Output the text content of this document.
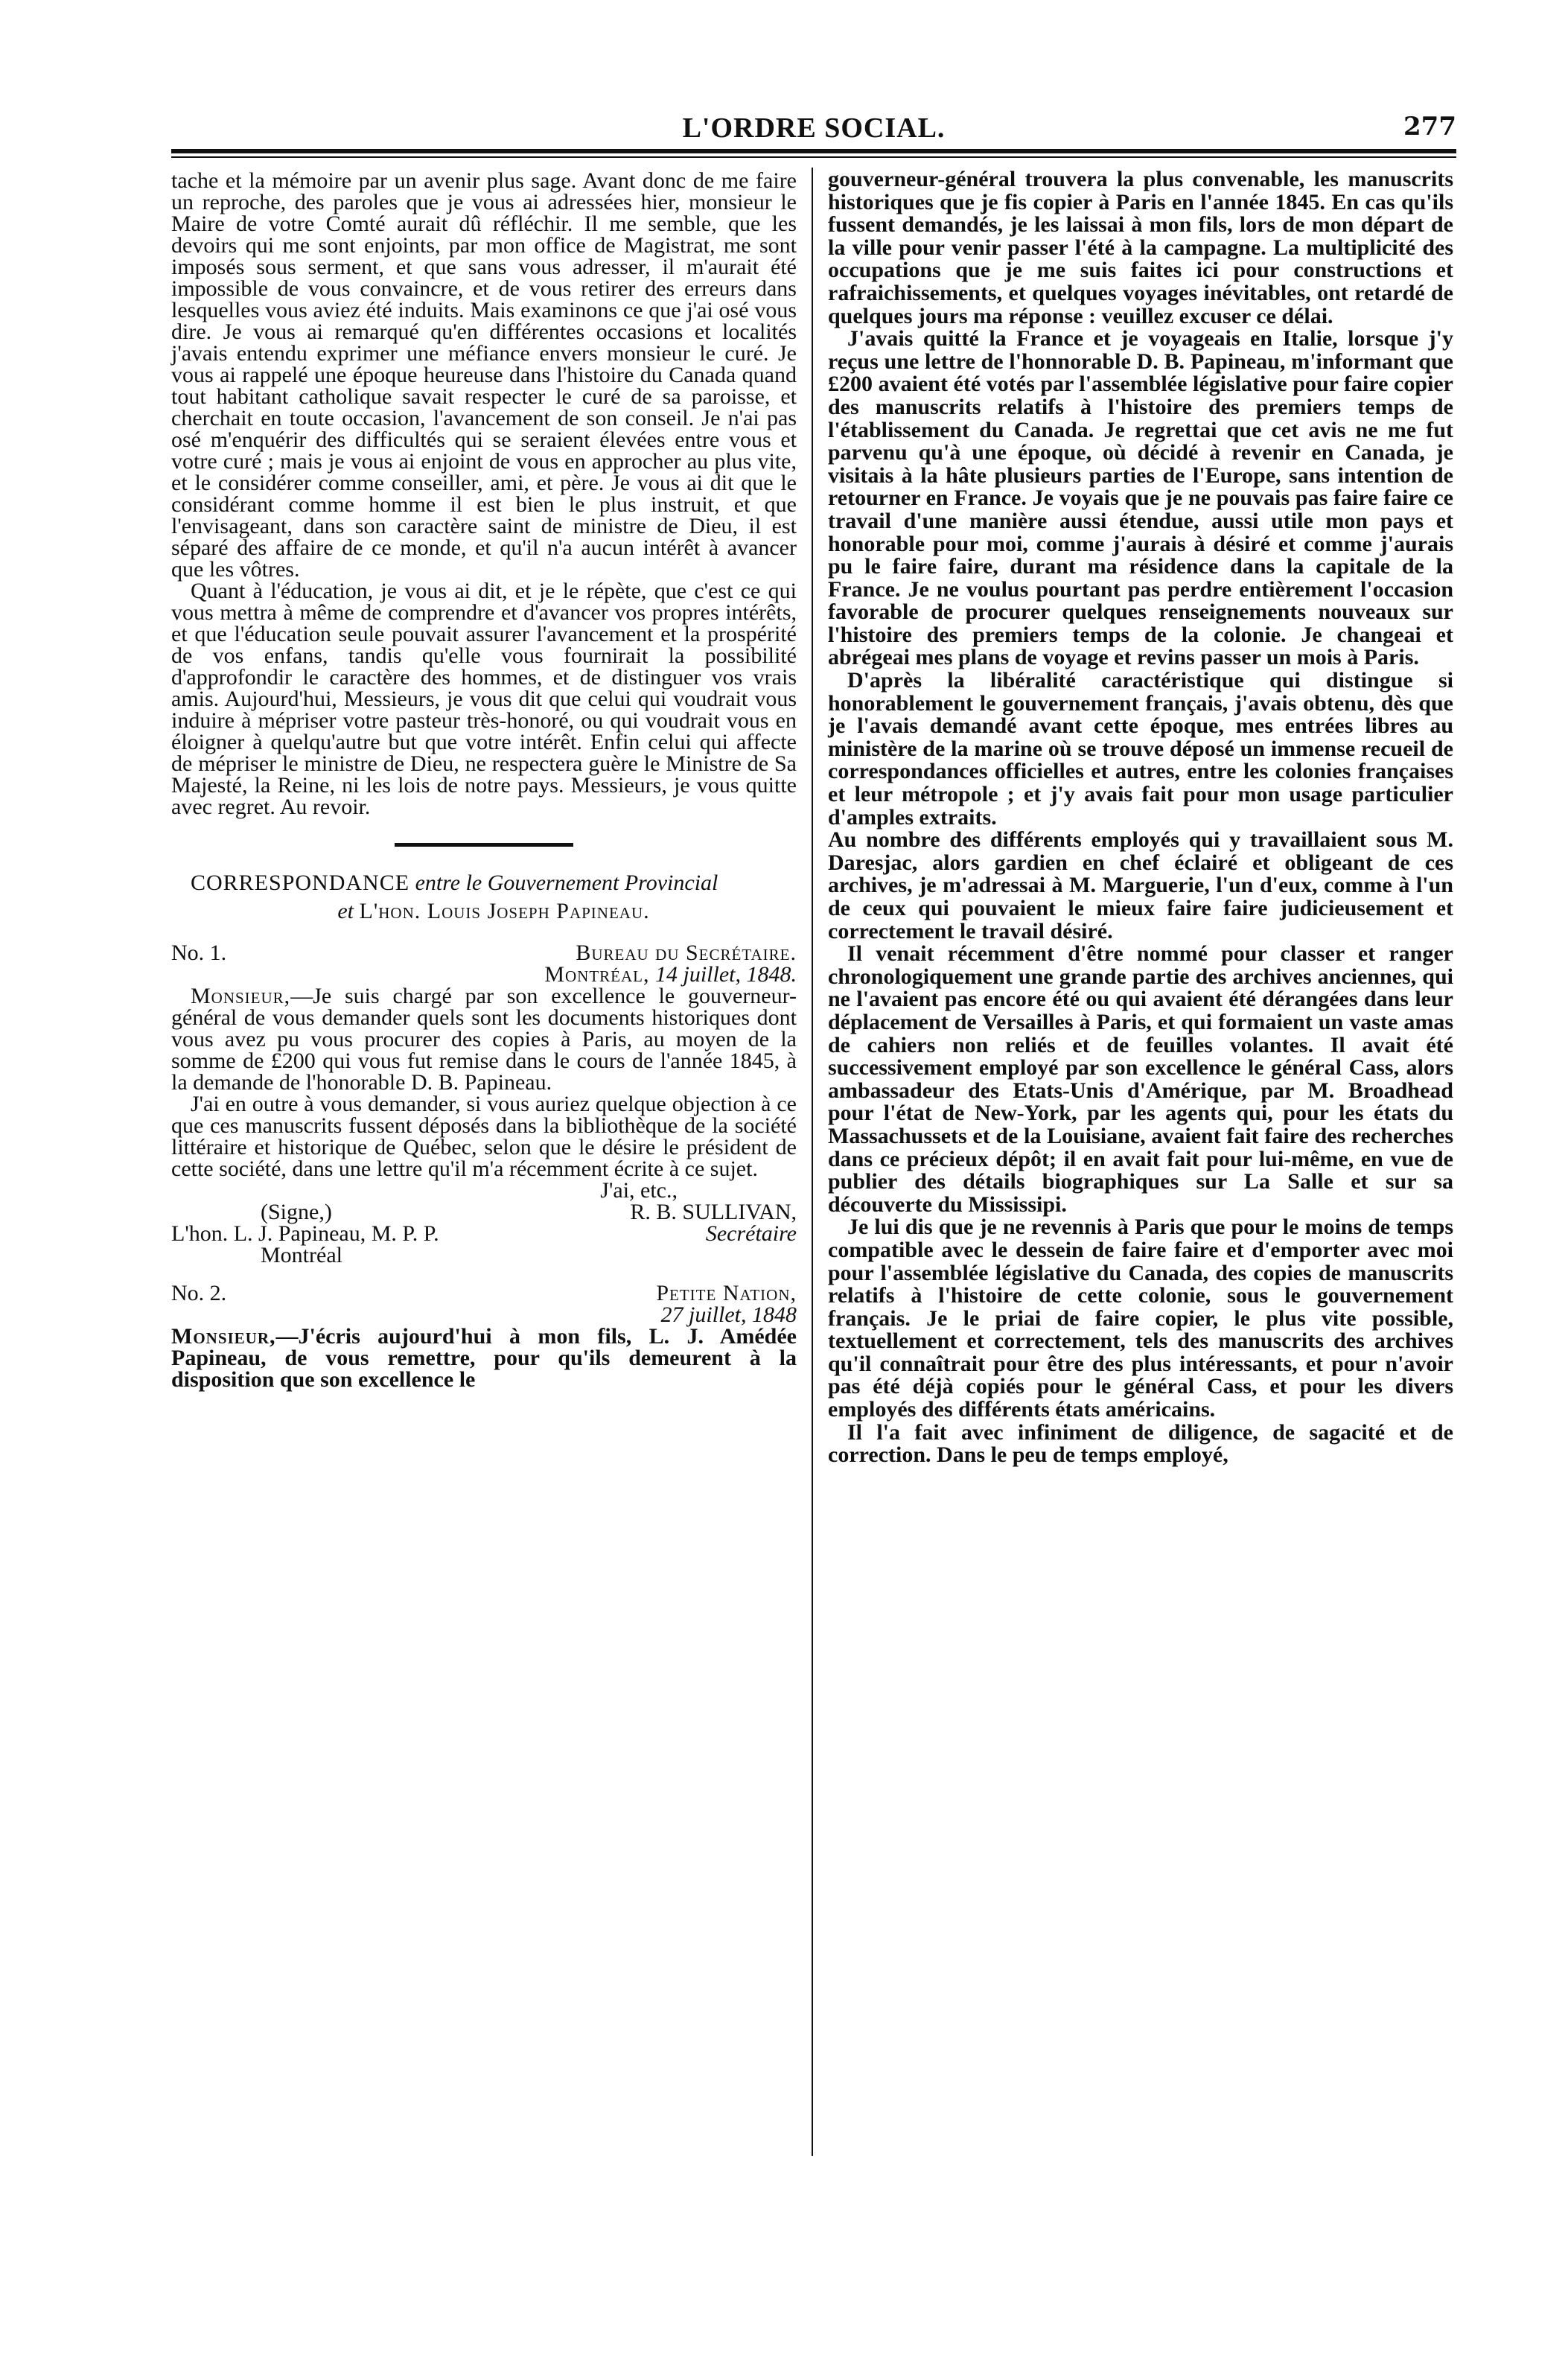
L'ORDRE SOCIAL.	277

tache et la mémoire par un avenir plus sage. Avant donc de me faire un reproche, des paroles que je vous ai adressées hier, monsieur le Maire de votre Comté aurait dû réfléchir. Il me semble, que les devoirs qui me sont enjoints, par mon office de Magistrat, me sont imposés sous serment, et que sans vous adresser, il m'aurait été impossible de vous convaincre, et de vous retirer des erreurs dans lesquelles vous aviez été induits. Mais examinons ce que j'ai osé vous dire. Je vous ai remarqué qu'en différentes occasions et localités j'avais entendu exprimer une méfiance envers monsieur le curé. Je vous ai rappelé une époque heureuse dans l'histoire du Canada quand tout habitant catholique savait respecter le curé de sa paroisse, et cherchait en toute occasion, l'avancement de son conseil. Je n'ai pas osé m'enquérir des difficultés qui se seraient élevées entre vous et votre curé ; mais je vous ai enjoint de vous en approcher au plus vite, et le considérer comme conseiller, ami, et père. Je vous ai dit que le considérant comme homme il est bien le plus instruit, et que l'envisageant, dans son caractère saint de ministre de Dieu, il est séparé des affaire de ce monde, et qu'il n'a aucun intérêt à avancer que les vôtres.

Quant à l'éducation, je vous ai dit, et je le répète, que c'est ce qui vous mettra à même de comprendre et d'avancer vos propres intérêts, et que l'éducation seule pouvait assurer l'avancement et la prospérité de vos enfans, tandis qu'elle vous fournirait la possibilité d'approfondir le caractère des hommes, et de distinguer vos vrais amis. Aujourd'hui, Messieurs, je vous dit que celui qui voudrait vous induire à mépriser votre pasteur très-honoré, ou qui voudrait vous en éloigner à quelqu'autre but que votre intérêt. Enfin celui qui affecte de mépriser le ministre de Dieu, ne respectera guère le Ministre de Sa Majesté, la Reine, ni les lois de notre pays. Messieurs, je vous quitte avec regret. Au revoir.

CORRESPONDANCE entre le Gouvernement Provincial

et L'hon. Louis Joseph Papineau.

No. 1.	Bureau du Secrétaire.
Montréal, 14 juillet, 1848.

Monsieur,—Je suis chargé par son excellence le gouverneur-général de vous demander quels sont les documents historiques dont vous avez pu vous procurer des copies à Paris, au moyen de la somme de £200 qui vous fut remise dans le cours de l'année 1845, à la demande de l'honorable D. B. Papineau.

J'ai en outre à vous demander, si vous auriez quelque objection à ce que ces manuscrits fussent déposés dans la bibliothèque de la société littéraire et historique de Québec, selon que le désire le président de cette société, dans une lettre qu'il m'a récemment écrite à ce sujet.

J'ai, etc.,
(Signe,)	R. B. SULLIVAN,
L'hon. L. J. Papineau, M. P. P.	Secrétaire
Montréal
No. 2.	Petite Nation,
27 juillet, 1848

Monsieur,—J'écris aujourd'hui à mon fils, L. J. Amédée Papineau, de vous remettre, pour qu'ils demeurent à la disposition que son excellence le

gouverneur-général trouvera la plus convenable, les manuscrits historiques que je fis copier à Paris en l'année 1845. En cas qu'ils fussent demandés, je les laissai à mon fils, lors de mon départ de la ville pour venir passer l'été à la campagne. La multiplicité des occupations que je me suis faites ici pour constructions et rafraichissements, et quelques voyages inévitables, ont retardé de quelques jours ma réponse : veuillez excuser ce délai.

J'avais quitté la France et je voyageais en Italie, lorsque j'y reçus une lettre de l'honnorable D. B. Papineau, m'informant que £200 avaient été votés par l'assemblée législative pour faire copier des manuscrits relatifs à l'histoire des premiers temps de l'établissement du Canada. Je regrettai que cet avis ne me fut parvenu qu'à une époque, où décidé à revenir en Canada, je visitais à la hâte plusieurs parties de l'Europe, sans intention de retourner en France. Je voyais que je ne pouvais pas faire faire ce travail d'une manière aussi étendue, aussi utile mon pays et honorable pour moi, comme j'aurais à désiré et comme j'aurais pu le faire faire, durant ma résidence dans la capitale de la France. Je ne voulus pourtant pas perdre entièrement l'occasion favorable de procurer quelques renseignements nouveaux sur l'histoire des premiers temps de la colonie. Je changeai et abrégeai mes plans de voyage et revins passer un mois à Paris.

D'après la libéralité caractéristique qui distingue si honorablement le gouvernement français, j'avais obtenu, dès que je l'avais demandé avant cette époque, mes entrées libres au ministère de la marine où se trouve déposé un immense recueil de correspondances officielles et autres, entre les colonies françaises et leur métropole ; et j'y avais fait pour mon usage particulier d'amples extraits.

Au nombre des différents employés qui y travaillaient sous M. Daresjac, alors gardien en chef éclairé et obligeant de ces archives, je m'adressai à M. Marguerie, l'un d'eux, comme à l'un de ceux qui pouvaient le mieux faire faire judicieusement et correctement le travail désiré.

Il venait récemment d'être nommé pour classer et ranger chronologiquement une grande partie des archives anciennes, qui ne l'avaient pas encore été ou qui avaient été dérangées dans leur déplacement de Versailles à Paris, et qui formaient un vaste amas de cahiers non reliés et de feuilles volantes. Il avait été successivement employé par son excellence le général Cass, alors ambassadeur des Etats-Unis d'Amérique, par M. Broadhead pour l'état de New-York, par les agents qui, pour les états du Massachussets et de la Louisiane, avaient fait faire des recherches dans ce précieux dépôt; il en avait fait pour lui-même, en vue de publier des détails biographiques sur La Salle et sur sa découverte du Mississipi.

Je lui dis que je ne revennis à Paris que pour le moins de temps compatible avec le dessein de faire faire et d'emporter avec moi pour l'assemblée législative du Canada, des copies de manuscrits relatifs à l'histoire de cette colonie, sous le gouvernement français. Je le priai de faire copier, le plus vite possible, textuellement et correctement, tels des manuscrits des archives qu'il connaîtrait pour être des plus intéressants, et pour n'avoir pas été déjà copiés pour le général Cass, et pour les divers employés des différents états américains.

Il l'a fait avec infiniment de diligence, de sagacité et de correction. Dans le peu de temps employé,
